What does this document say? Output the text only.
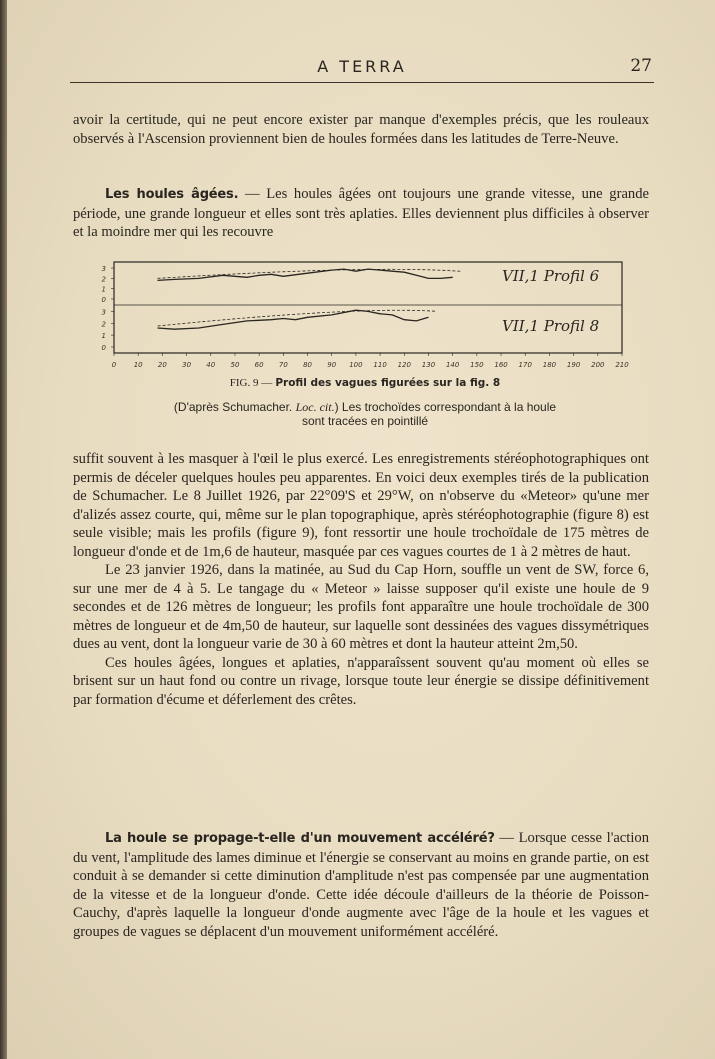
A TERRA	27

avoir la certitude, qui ne peut encore exister par manque d'exemples précis, que les rouleaux observés à l'Ascension proviennent bien de houles formées dans les latitudes de Terre-Neuve.

Les houles âgées. — Les houles âgées ont toujours une grande vitesse, une grande période, une grande longueur et elles sont très aplaties. Elles deviennent plus difficiles à observer et la moindre mer qui les recouvre

3
2
1
0
3
2
1
0
0 10 20 30 40 50 60 70 80 90 100 110 120 130 140 150 160 170 180 190 200 210
FIG. 9 — Profil des vagues figurées sur la fig. 8
(D'après Schumacher. Loc. cit.) Les trochoïdes correspondant à la houle
sont tracées en pointillé

suffit souvent à les masquer à l'œil le plus exercé. Les enregistrements stéréophotographiques ont permis de déceler quelques houles peu apparentes. En voici deux exemples tirés de la publication de Schumacher. Le 8 Juillet 1926, par 22°09'S et 29°W, on n'observe du «Meteor» qu'une mer d'alizés assez courte, qui, même sur le plan topographique, après stéréophotographie (figure 8) est seule visible; mais les profils (figure 9), font ressortir une houle trochoïdale de 175 mètres de longueur d'onde et de 1m,6 de hauteur, masquée par ces vagues courtes de 1 à 2 mètres de haut.

Le 23 janvier 1926, dans la matinée, au Sud du Cap Horn, souffle un vent de SW, force 6, sur une mer de 4 à 5. Le tangage du « Meteor » laisse supposer qu'il existe une houle de 9 secondes et de 126 mètres de longueur; les profils font apparaître une houle trochoïdale de 300 mètres de longueur et de 4m,50 de hauteur, sur laquelle sont dessinées des vagues dissymétriques dues au vent, dont la longueur varie de 30 à 60 mètres et dont la hauteur atteint 2m,50.

Ces houles âgées, longues et aplaties, n'apparaîssent souvent qu'au moment où elles se brisent sur un haut fond ou contre un rivage, lorsque toute leur énergie se dissipe définitivement par formation d'écume et déferlement des crêtes.

La houle se propage-t-elle d'un mouvement accéléré? — Lorsque cesse l'action du vent, l'amplitude des lames diminue et l'énergie se conservant au moins en grande partie, on est conduit à se demander si cette diminution d'amplitude n'est pas compensée par une augmentation de la vitesse et de la longueur d'onde. Cette idée découle d'ailleurs de la théorie de Poisson-Cauchy, d'après laquelle la longueur d'onde augmente avec l'âge de la houle et les vagues et groupes de vagues se déplacent d'un mouvement uniformément accéléré.

VII,1 Profil 6
VII,1 Profil 8
